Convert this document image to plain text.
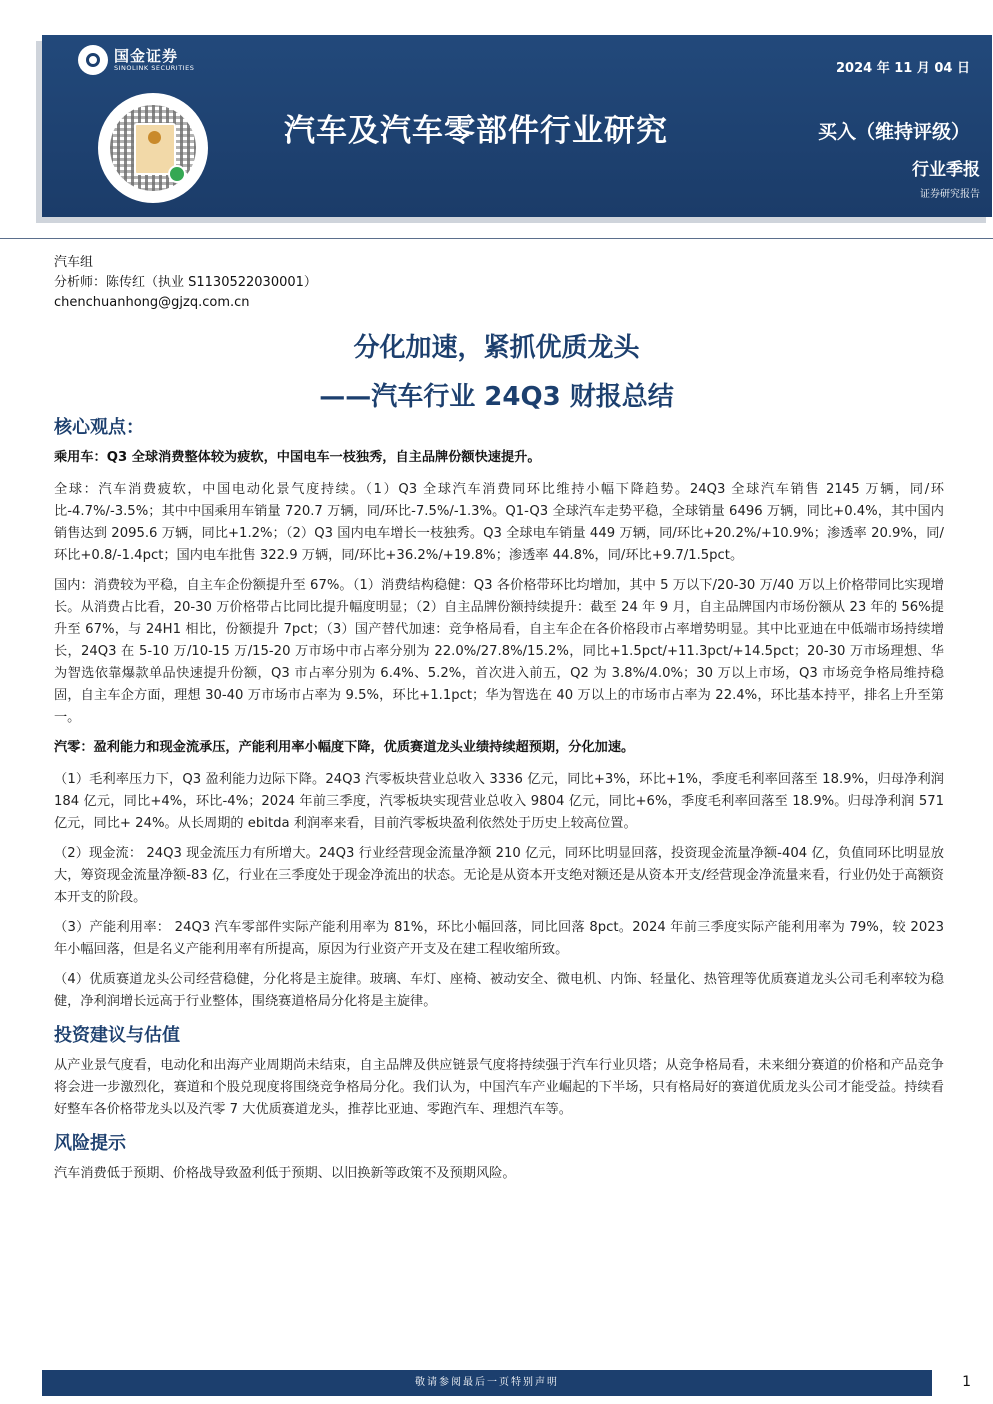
国金证券
SINOLINK SECURITIES	2024 年 11 月 04 日
汽车及汽车零部件行业研究	买入（维持评级）
行业季报
证券研究报告
汽车组
分析师：陈传红（执业 S1130522030001）
chenchuanhong@gjzq.com.cn
分化加速，紧抓优质龙头
——汽车行业 24Q3 财报总结
核心观点：
乘用车：Q3 全球消费整体较为疲软，中国电车一枝独秀，自主品牌份额快速提升。

全球：汽车消费疲软，中国电动化景气度持续。（1）Q3 全球汽车消费同环比维持小幅下降趋势。24Q3 全球汽车销售 2145 万辆，同/环比-4.7%/-3.5%；其中中国乘用车销量 720.7 万辆，同/环比-7.5%/-1.3%。Q1-Q3 全球汽车走势平稳，全球销量 6496 万辆，同比+0.4%，其中国内销售达到 2095.6 万辆，同比+1.2%；（2）Q3 国内电车增长一枝独秀。Q3 全球电车销量 449 万辆，同/环比+20.2%/+10.9%；渗透率 20.9%，同/环比+0.8/-1.4pct；国内电车批售 322.9 万辆，同/环比+36.2%/+19.8%；渗透率 44.8%，同/环比+9.7/1.5pct。

国内：消费较为平稳，自主车企份额提升至 67%。（1）消费结构稳健：Q3 各价格带环比均增加，其中 5 万以下/20-30 万/40 万以上价格带同比实现增长。从消费占比看，20-30 万价格带占比同比提升幅度明显；（2）自主品牌份额持续提升：截至 24 年 9 月，自主品牌国内市场份额从 23 年的 56%提升至 67%，与 24H1 相比，份额提升 7pct；（3）国产替代加速：竞争格局看，自主车企在各价格段市占率增势明显。其中比亚迪在中低端市场持续增长，24Q3 在 5-10 万/10-15 万/15-20 万市场中市占率分别为 22.0%/27.8%/15.2%，同比+1.5pct/+11.3pct/+14.5pct；20-30 万市场理想、华为智选依靠爆款单品快速提升份额，Q3 市占率分别为 6.4%、5.2%，首次进入前五，Q2 为 3.8%/4.0%；30 万以上市场，Q3 市场竞争格局维持稳固，自主车企方面，理想 30-40 万市场市占率为 9.5%，环比+1.1pct；华为智选在 40 万以上的市场市占率为 22.4%，环比基本持平，排名上升至第一。

汽零：盈利能力和现金流承压，产能利用率小幅度下降，优质赛道龙头业绩持续超预期，分化加速。

（1）毛利率压力下，Q3 盈利能力边际下降。24Q3 汽零板块营业总收入 3336 亿元，同比+3%，环比+1%，季度毛利率回落至 18.9%，归母净利润 184 亿元，同比+4%，环比-4%；2024 年前三季度，汽零板块实现营业总收入 9804 亿元，同比+6%，季度毛利率回落至 18.9%。归母净利润 571 亿元，同比+ 24%。从长周期的 ebitda 利润率来看，目前汽零板块盈利依然处于历史上较高位置。

（2）现金流： 24Q3 现金流压力有所增大。24Q3 行业经营现金流量净额 210 亿元，同环比明显回落，投资现金流量净额-404 亿，负值同环比明显放大，筹资现金流量净额-83 亿，行业在三季度处于现金净流出的状态。无论是从资本开支绝对额还是从资本开支/经营现金净流量来看，行业仍处于高额资本开支的阶段。

（3）产能利用率： 24Q3 汽车零部件实际产能利用率为 81%，环比小幅回落，同比回落 8pct。2024 年前三季度实际产能利用率为 79%，较 2023 年小幅回落，但是名义产能利用率有所提高，原因为行业资产开支及在建工程收缩所致。

（4）优质赛道龙头公司经营稳健，分化将是主旋律。玻璃、车灯、座椅、被动安全、微电机、内饰、轻量化、热管理等优质赛道龙头公司毛利率较为稳健，净利润增长远高于行业整体，围绕赛道格局分化将是主旋律。

投资建议与估值

从产业景气度看，电动化和出海产业周期尚未结束，自主品牌及供应链景气度将持续强于汽车行业贝塔；从竞争格局看，未来细分赛道的价格和产品竞争将会进一步激烈化，赛道和个股兑现度将围绕竞争格局分化。我们认为，中国汽车产业崛起的下半场，只有格局好的赛道优质龙头公司才能受益。持续看好整车各价格带龙头以及汽零 7 大优质赛道龙头，推荐比亚迪、零跑汽车、理想汽车等。

风险提示

汽车消费低于预期、价格战导致盈利低于预期、以旧换新等政策不及预期风险。

敬请参阅最后一页特别声明	1
